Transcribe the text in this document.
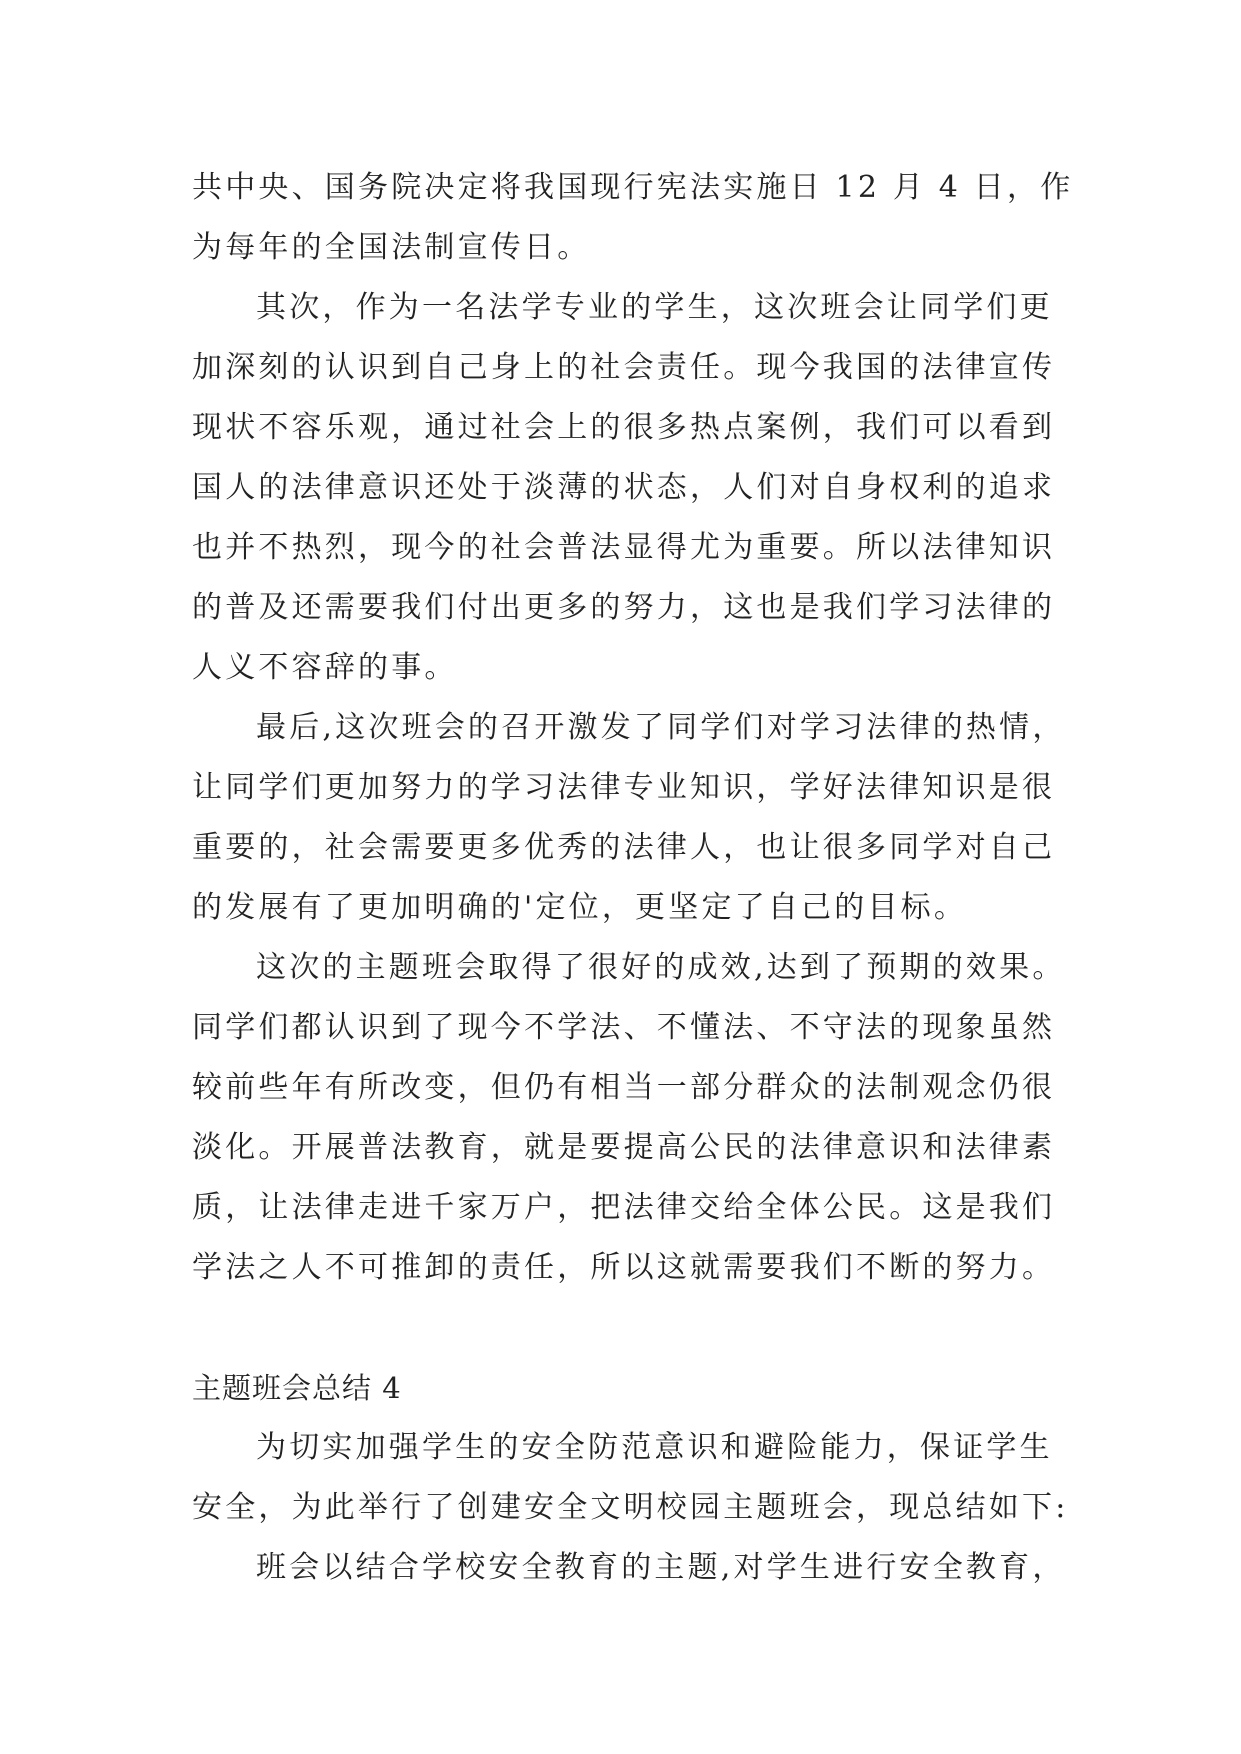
共中央、国务院决定将我国现行宪法实施日 12 月 4 日，作
为每年的全国法制宣传日。
其次，作为一名法学专业的学生，这次班会让同学们更
加深刻的认识到自己身上的社会责任。现今我国的法律宣传
现状不容乐观，通过社会上的很多热点案例，我们可以看到
国人的法律意识还处于淡薄的状态，人们对自身权利的追求
也并不热烈，现今的社会普法显得尤为重要。所以法律知识
的普及还需要我们付出更多的努力，这也是我们学习法律的
人义不容辞的事。
最后,这次班会的召开激发了同学们对学习法律的热情，
让同学们更加努力的学习法律专业知识，学好法律知识是很
重要的，社会需要更多优秀的法律人，也让很多同学对自己
的发展有了更加明确的'定位，更坚定了自己的目标。
这次的主题班会取得了很好的成效,达到了预期的效果。
同学们都认识到了现今不学法、不懂法、不守法的现象虽然
较前些年有所改变，但仍有相当一部分群众的法制观念仍很
淡化。开展普法教育，就是要提高公民的法律意识和法律素
质，让法律走进千家万户，把法律交给全体公民。这是我们
学法之人不可推卸的责任，所以这就需要我们不断的努力。
主题班会总结 4
为切实加强学生的安全防范意识和避险能力，保证学生
安全，为此举行了创建安全文明校园主题班会，现总结如下:
班会以结合学校安全教育的主题,对学生进行安全教育，
